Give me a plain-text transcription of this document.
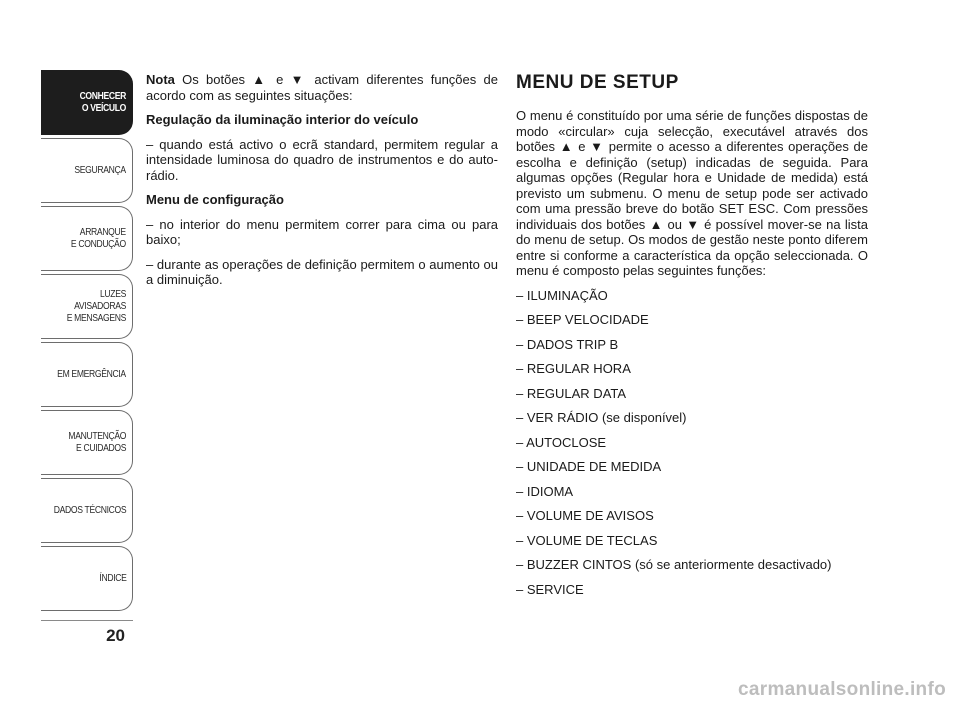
CONHECER
O VEÍCULO
SEGURANÇA
ARRANQUE
E CONDUÇÃO
LUZES AVISADORAS
E MENSAGENS
EM EMERGÊNCIA
MANUTENÇÃO
E CUIDADOS
DADOS TÉCNICOS
ÍNDICE
20

Nota Os botões ▲ e ▼ activam diferentes funções de acordo com as seguintes situações:

Regulação da iluminação interior do veículo

– quando está activo o ecrã standard, permitem regular a intensidade luminosa do quadro de instrumentos e do auto-rádio.

Menu de configuração

– no interior do menu permitem correr para cima ou para baixo;

– durante as operações de definição permitem o aumento ou a diminuição.

MENU DE SETUP

O menu é constituído por uma série de funções dispostas de modo «circular» cuja selecção, executável através dos botões ▲ e ▼ permite o acesso a diferentes operações de escolha e definição (setup) indicadas de seguida. Para algumas opções (Regular hora e Unidade de medida) está previsto um submenu. O menu de setup pode ser activado com uma pressão breve do botão SET ESC. Com pressões individuais dos botões ▲ ou ▼ é possível mover-se na lista do menu de setup. Os modos de gestão neste ponto diferem entre si conforme a característica da opção seleccionada. O menu é composto pelas seguintes funções:

– ILUMINAÇÃO
– BEEP VELOCIDADE
– DADOS TRIP B
– REGULAR HORA
– REGULAR DATA
– VER RÁDIO (se disponível)
– AUTOCLOSE
– UNIDADE DE MEDIDA
– IDIOMA
– VOLUME DE AVISOS
– VOLUME DE TECLAS
– BUZZER CINTOS (só se anteriormente desactivado)
– SERVICE
carmanualsonline.info
